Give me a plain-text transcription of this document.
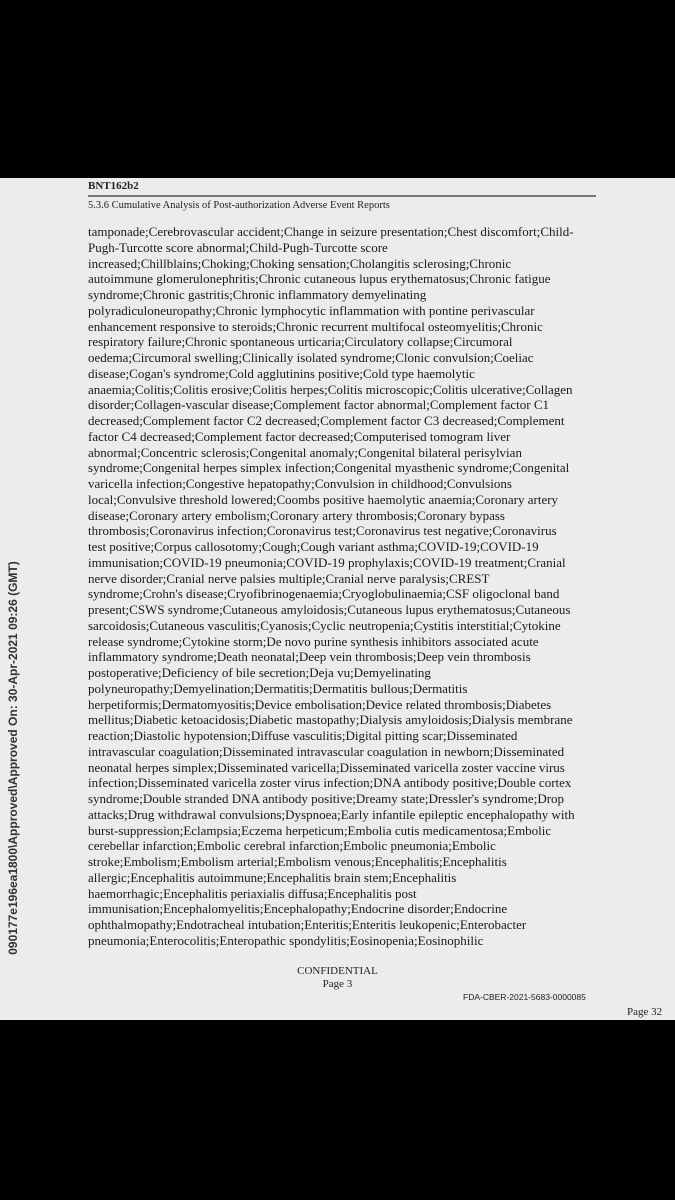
BNT162b2
5.3.6 Cumulative Analysis of Post-authorization Adverse Event Reports
tamponade;Cerebrovascular accident;Change in seizure presentation;Chest discomfort;Child-
Pugh-Turcotte score abnormal;Child-Pugh-Turcotte score
increased;Chillblains;Choking;Choking sensation;Cholangitis sclerosing;Chronic
autoimmune glomerulonephritis;Chronic cutaneous lupus erythematosus;Chronic fatigue
syndrome;Chronic gastritis;Chronic inflammatory demyelinating
polyradiculoneuropathy;Chronic lymphocytic inflammation with pontine perivascular
enhancement responsive to steroids;Chronic recurrent multifocal osteomyelitis;Chronic
respiratory failure;Chronic spontaneous urticaria;Circulatory collapse;Circumoral
oedema;Circumoral swelling;Clinically isolated syndrome;Clonic convulsion;Coeliac
disease;Cogan's syndrome;Cold agglutinins positive;Cold type haemolytic
anaemia;Colitis;Colitis erosive;Colitis herpes;Colitis microscopic;Colitis ulcerative;Collagen
disorder;Collagen-vascular disease;Complement factor abnormal;Complement factor C1
decreased;Complement factor C2 decreased;Complement factor C3 decreased;Complement
factor C4 decreased;Complement factor decreased;Computerised tomogram liver
abnormal;Concentric sclerosis;Congenital anomaly;Congenital bilateral perisylvian
syndrome;Congenital herpes simplex infection;Congenital myasthenic syndrome;Congenital
varicella infection;Congestive hepatopathy;Convulsion in childhood;Convulsions
local;Convulsive threshold lowered;Coombs positive haemolytic anaemia;Coronary artery
disease;Coronary artery embolism;Coronary artery thrombosis;Coronary bypass
thrombosis;Coronavirus infection;Coronavirus test;Coronavirus test negative;Coronavirus
test positive;Corpus callosotomy;Cough;Cough variant asthma;COVID-19;COVID-19
immunisation;COVID-19 pneumonia;COVID-19 prophylaxis;COVID-19 treatment;Cranial
nerve disorder;Cranial nerve palsies multiple;Cranial nerve paralysis;CREST
syndrome;Crohn's disease;Cryofibrinogenaemia;Cryoglobulinaemia;CSF oligoclonal band
present;CSWS syndrome;Cutaneous amyloidosis;Cutaneous lupus erythematosus;Cutaneous
sarcoidosis;Cutaneous vasculitis;Cyanosis;Cyclic neutropenia;Cystitis interstitial;Cytokine
release syndrome;Cytokine storm;De novo purine synthesis inhibitors associated acute
inflammatory syndrome;Death neonatal;Deep vein thrombosis;Deep vein thrombosis
postoperative;Deficiency of bile secretion;Deja vu;Demyelinating
polyneuropathy;Demyelination;Dermatitis;Dermatitis bullous;Dermatitis
herpetiformis;Dermatomyositis;Device embolisation;Device related thrombosis;Diabetes
mellitus;Diabetic ketoacidosis;Diabetic mastopathy;Dialysis amyloidosis;Dialysis membrane
reaction;Diastolic hypotension;Diffuse vasculitis;Digital pitting scar;Disseminated
intravascular coagulation;Disseminated intravascular coagulation in newborn;Disseminated
neonatal herpes simplex;Disseminated varicella;Disseminated varicella zoster vaccine virus
infection;Disseminated varicella zoster virus infection;DNA antibody positive;Double cortex
syndrome;Double stranded DNA antibody positive;Dreamy state;Dressler's syndrome;Drop
attacks;Drug withdrawal convulsions;Dyspnoea;Early infantile epileptic encephalopathy with
burst-suppression;Eclampsia;Eczema herpeticum;Embolia cutis medicamentosa;Embolic
cerebellar infarction;Embolic cerebral infarction;Embolic pneumonia;Embolic
stroke;Embolism;Embolism arterial;Embolism venous;Encephalitis;Encephalitis
allergic;Encephalitis autoimmune;Encephalitis brain stem;Encephalitis
haemorrhagic;Encephalitis periaxialis diffusa;Encephalitis post
immunisation;Encephalomyelitis;Encephalopathy;Endocrine disorder;Endocrine
ophthalmopathy;Endotracheal intubation;Enteritis;Enteritis leukopenic;Enterobacter
pneumonia;Enterocolitis;Enteropathic spondylitis;Eosinopenia;Eosinophilic
CONFIDENTIAL
Page 3
FDA-CBER-2021-5683-0000085
Page 32
090177e196ea1800\Approved\Approved On: 30-Apr-2021 09:26 (GMT)
